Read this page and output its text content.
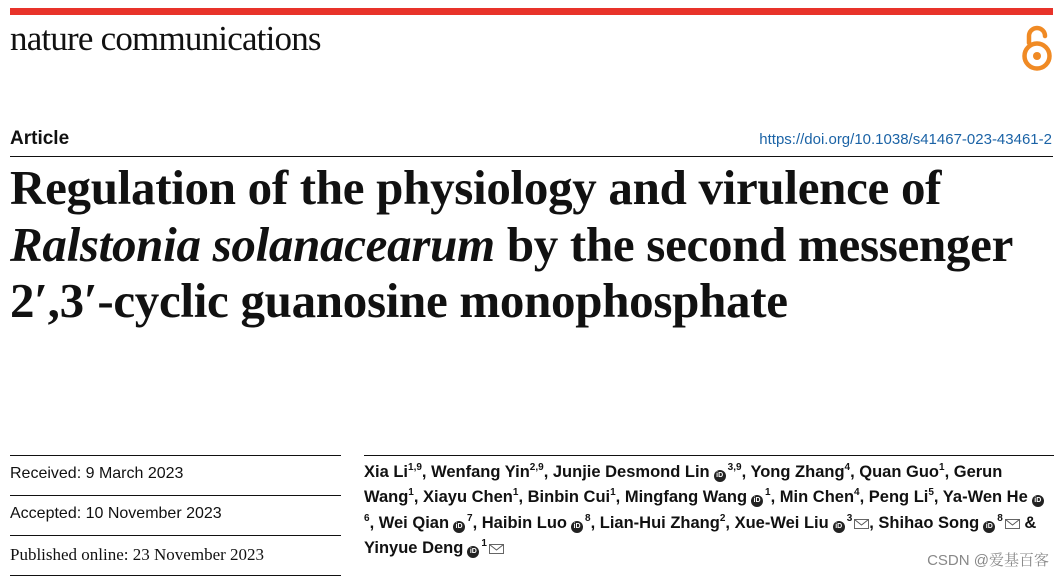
nature communications
Article	https://doi.org/10.1038/s41467-023-43461-2
Regulation of the physiology and virulence of Ralstonia solanacearum by the second messenger 2′,3′-cyclic guanosine monophosphate
Received: 9 March 2023
Accepted: 10 November 2023
Published online: 23 November 2023
Xia Li$^{1,9}$, Wenfang Yin$^{2,9}$, Junjie Desmond Lin iD$^{3,9}$, Yong Zhang$^4$, Quan Guo$^1$, Gerun Wang$^1$, Xiayu Chen$^1$, Binbin Cui$^1$, Mingfang Wang $iD^1$, Min Chen$^4$, Peng Li$^5$, Ya-Wen He $iD^6$, Wei Qian $iD^7$, Haibin Luo $iD^8$, Lian-Hui Zhang$^2$, Xue-Wei Liu $iD^3$ , Shihao Song $iD^8$ & Yinyue Deng $iD^1$
CSDN @爱基百客
